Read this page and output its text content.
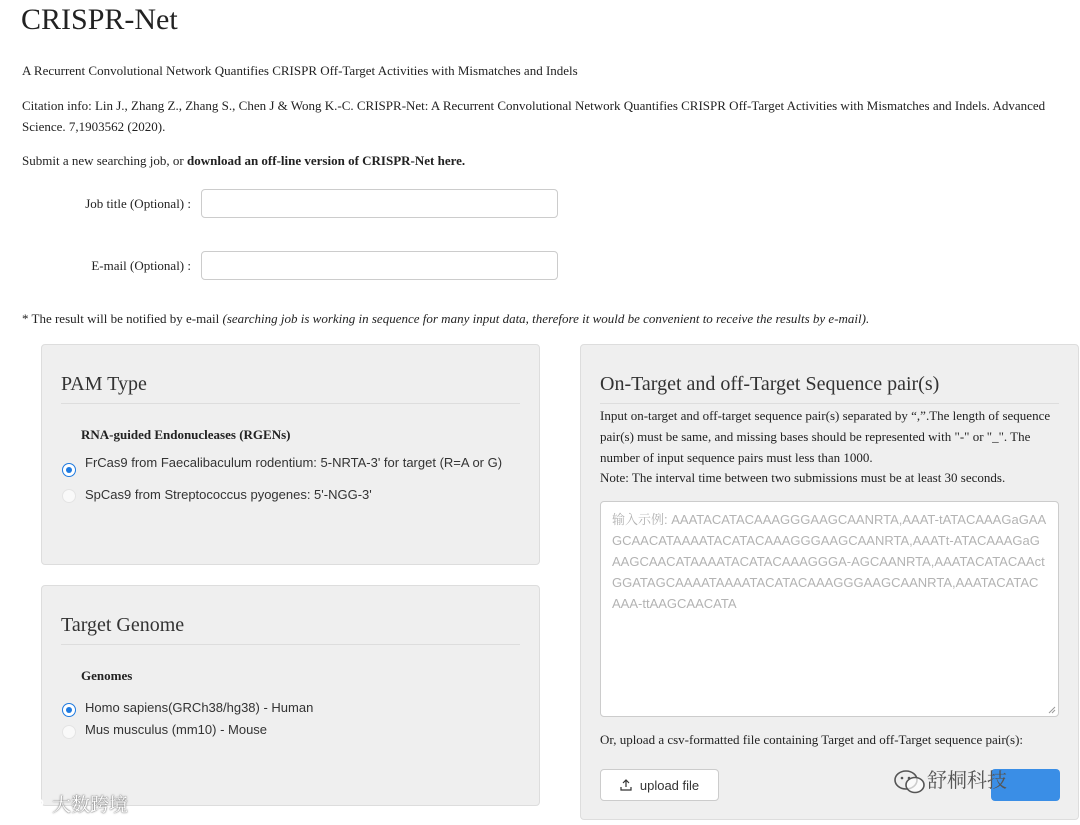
CRISPR-Net
A Recurrent Convolutional Network Quantifies CRISPR Off-Target Activities with Mismatches and Indels
Citation info: Lin J., Zhang Z., Zhang S., Chen J & Wong K.-C. CRISPR-Net: A Recurrent Convolutional Network Quantifies CRISPR Off-Target Activities with Mismatches and Indels. Advanced Science. 7,1903562 (2020).
Submit a new searching job, or download an off-line version of CRISPR-Net here.
Job title (Optional) :
E-mail (Optional) :
* The result will be notified by e-mail (searching job is working in sequence for many input data, therefore it would be convenient to receive the results by e-mail).
PAM Type
RNA-guided Endonucleases (RGENs)
FrCas9 from Faecalibaculum rodentium: 5-NRTA-3' for target (R=A or G)
SpCas9 from Streptococcus pyogenes: 5'-NGG-3'
Target Genome
Genomes
Homo sapiens(GRCh38/hg38) - Human
Mus musculus (mm10) - Mouse
On-Target and off-Target Sequence pair(s)
Input on-target and off-target sequence pair(s) separated by “,”.The length of sequence pair(s) must be same, and missing bases should be represented with "-" or "_". The number of input sequence pairs must less than 1000.
Note: The interval time between two submissions must be at least 30 seconds.
输入示例: AAATACATACAAAGGGAAGCAANRTA,AAAT-tATACAAAGaGAAGCAACATAAAATACATACAAAGGGAAGCAANRTA,AAATt-ATACAAAGaGAAGCAACATAAAATACATACAAAGGGA-AGCAANRTA,AAATACATACAActGGATAGCAAAATAAAATACATACAAAGGGAAGCAANRTA,AAATACATACAAA-ttAAGCAACATA
Or, upload a csv-formatted file containing Target and off-Target sequence pair(s):
upload file
大数跨境
舒桐科技
